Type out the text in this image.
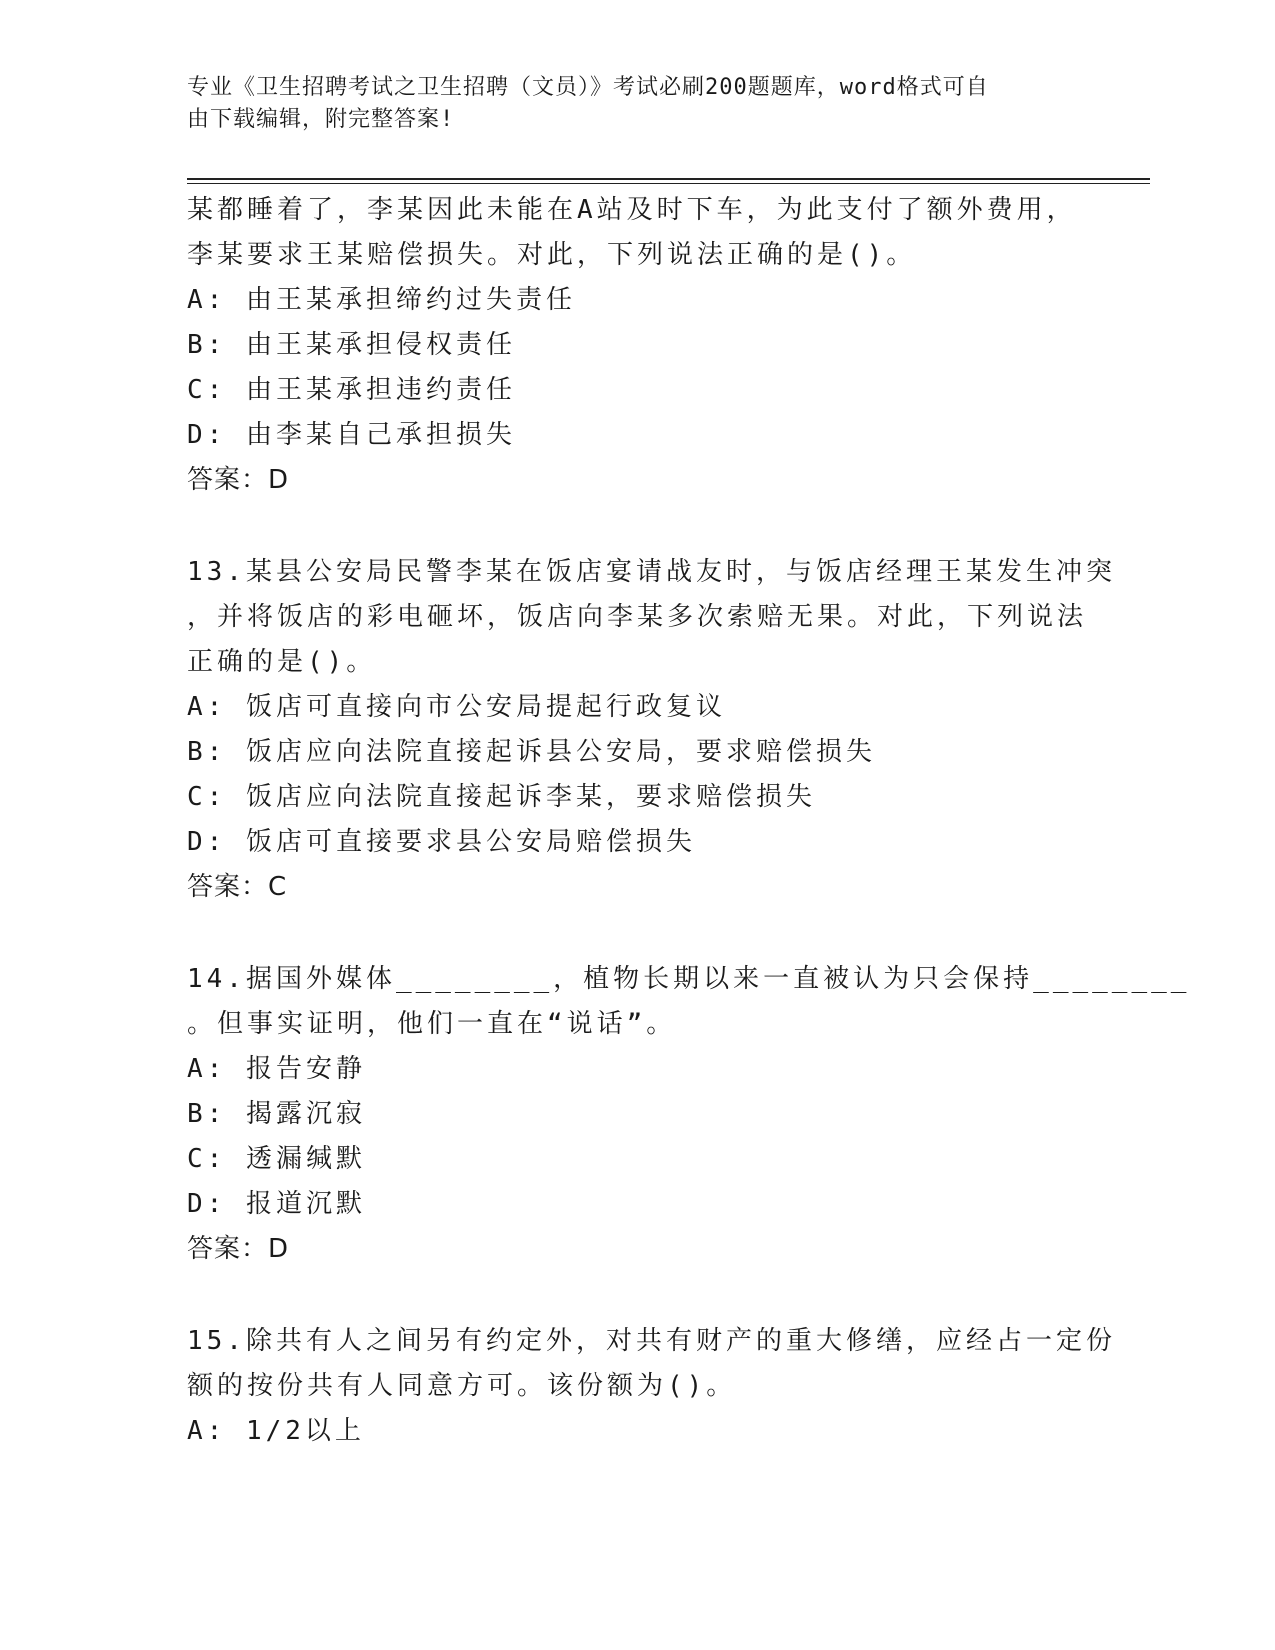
专业《卫生招聘考试之卫生招聘（文员）》考试必刷200题题库，word格式可自
由下载编辑，附完整答案!
某都睡着了，李某因此未能在A站及时下车，为此支付了额外费用，
李某要求王某赔偿损失。对此，下列说法正确的是()。
A: 由王某承担缔约过失责任
B: 由王某承担侵权责任
C: 由王某承担违约责任
D: 由李某自己承担损失
答案：D
13.某县公安局民警李某在饭店宴请战友时，与饭店经理王某发生冲突
，并将饭店的彩电砸坏，饭店向李某多次索赔无果。对此，下列说法
正确的是()。
A: 饭店可直接向市公安局提起行政复议
B: 饭店应向法院直接起诉县公安局，要求赔偿损失
C: 饭店应向法院直接起诉李某，要求赔偿损失
D: 饭店可直接要求县公安局赔偿损失
答案：C
14.据国外媒体________，植物长期以来一直被认为只会保持________
。但事实证明，他们一直在“说话”。
A: 报告安静
B: 揭露沉寂
C: 透漏缄默
D: 报道沉默
答案：D
15.除共有人之间另有约定外，对共有财产的重大修缮，应经占一定份
额的按份共有人同意方可。该份额为()。
A: 1/2以上
